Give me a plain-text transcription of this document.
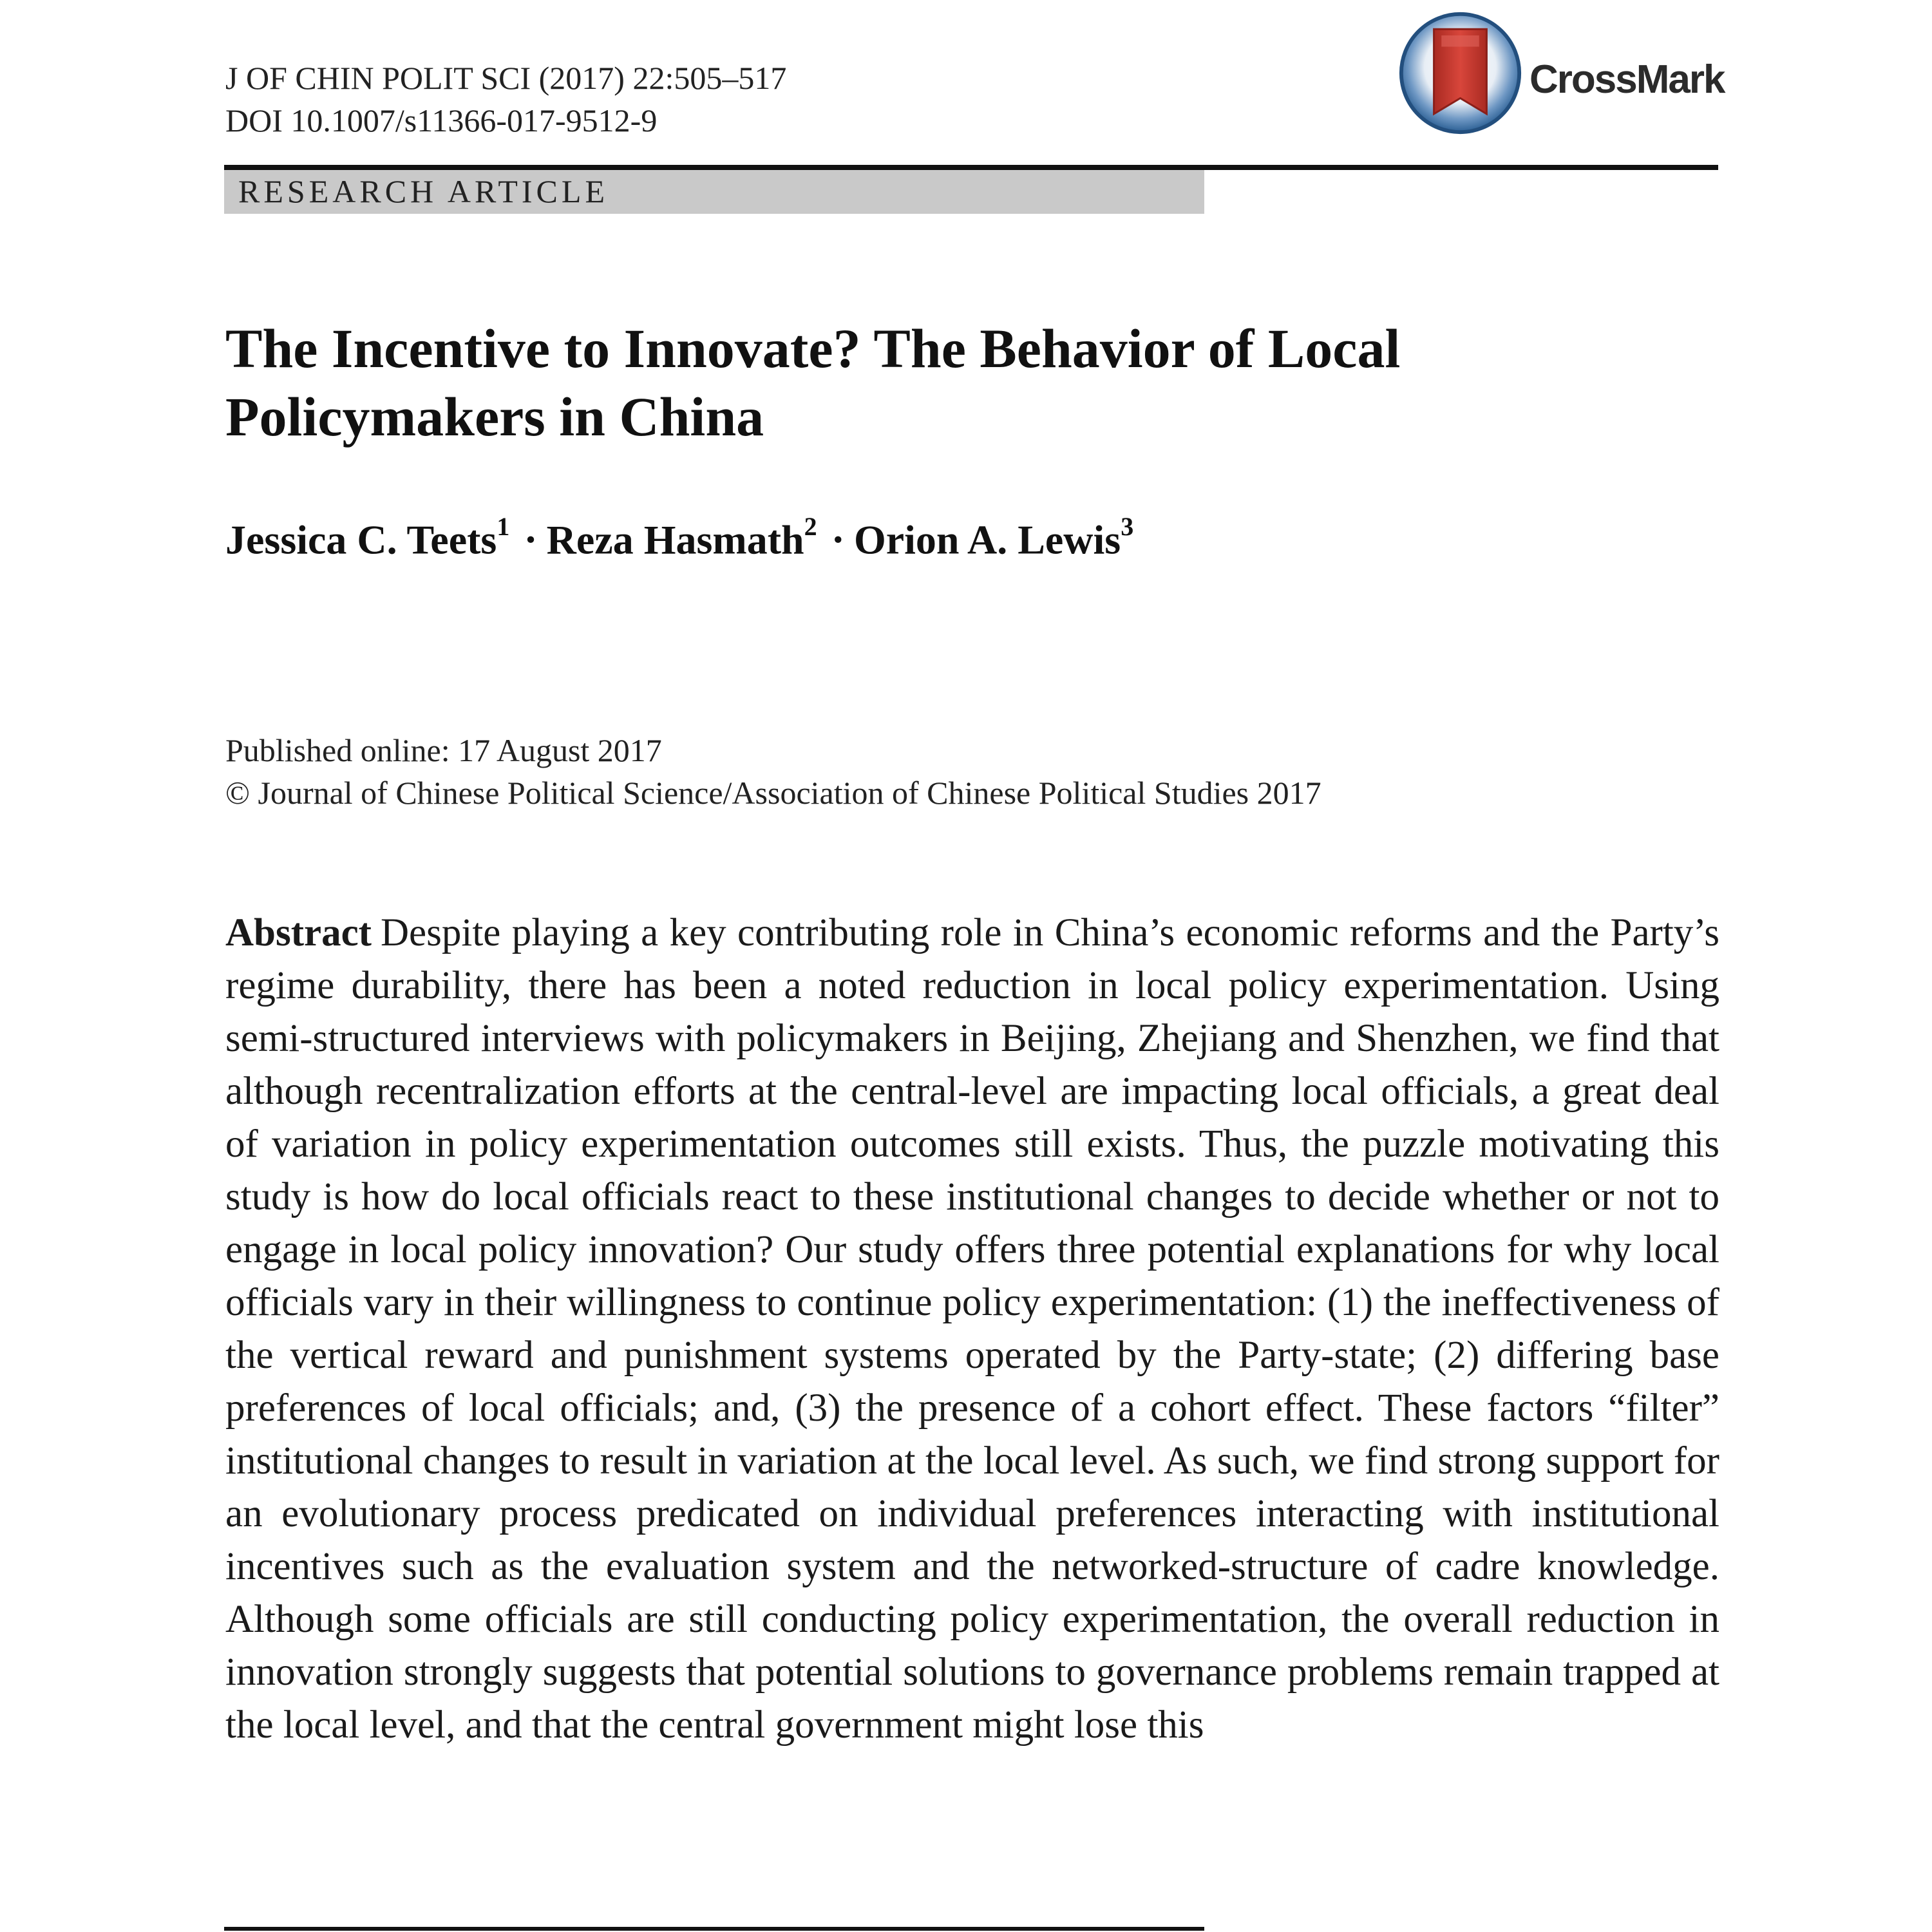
J OF CHIN POLIT SCI (2017) 22:505–517
DOI 10.1007/s11366-017-9512-9
CrossMark
RESEARCH ARTICLE
The Incentive to Innovate? The Behavior of Local Policymakers in China
Jessica C. Teets$^1$ · Reza Hasmath$^2$ · Orion A. Lewis$^3$
Published online: 17 August 2017
© Journal of Chinese Political Science/Association of Chinese Political Studies 2017

Abstract Despite playing a key contributing role in China’s economic reforms and the Party’s regime durability, there has been a noted reduction in local policy experimentation. Using semi-structured interviews with policymakers in Beijing, Zhejiang and Shenzhen, we find that although recentralization efforts at the central-level are impacting local officials, a great deal of variation in policy experimentation outcomes still exists. Thus, the puzzle motivating this study is how do local officials react to these institutional changes to decide whether or not to engage in local policy innovation? Our study offers three potential explanations for why local officials vary in their willingness to continue policy experimentation: (1) the ineffectiveness of the vertical reward and punishment systems operated by the Party-state; (2) differing base preferences of local officials; and, (3) the presence of a cohort effect. These factors “filter” institutional changes to result in variation at the local level. As such, we find strong support for an evolutionary process predicated on individual preferences interacting with institutional incentives such as the evaluation system and the networked-structure of cadre knowledge. Although some officials are still conducting policy experimentation, the overall reduction in innovation strongly suggests that potential solutions to governance problems remain trapped at the local level, and that the central government might lose this
